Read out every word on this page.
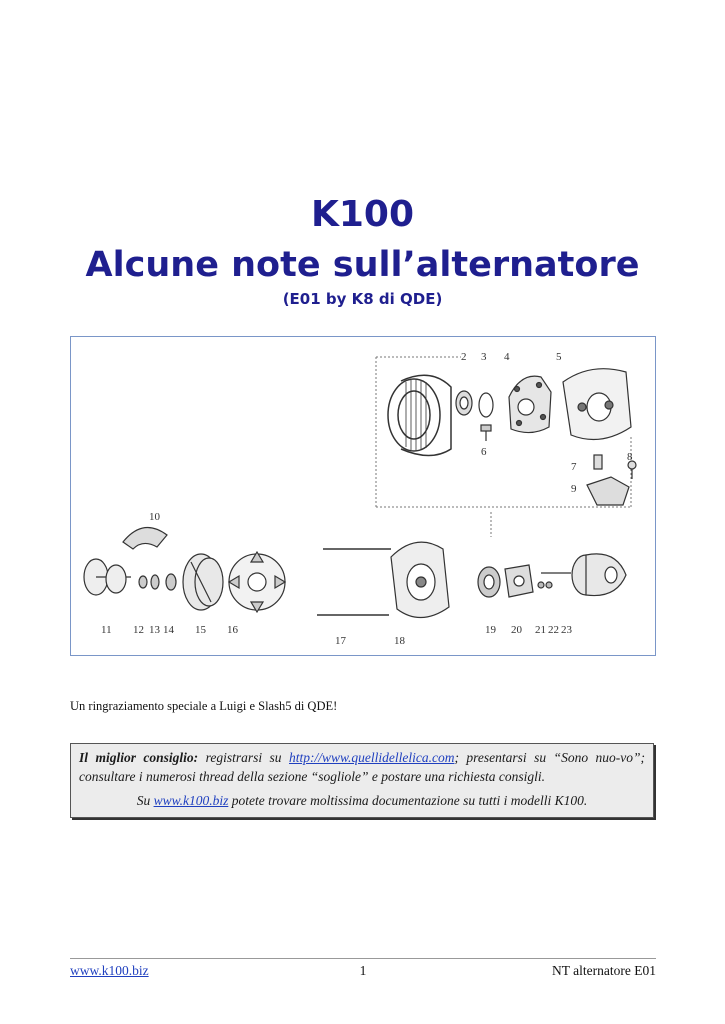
K100
Alcune note sull’alternatore
(E01 by K8 di QDE)
2 3 4	5
6
7
8
9
10
11 12 13 14 15 16
17	18
19 20 21 22 23
Un ringraziamento speciale a Luigi e Slash5 di QDE!

Il miglior consiglio: registrarsi su http://www.quellidellelica.com; presentarsi su “Sono nuo-vo”; consultare i numerosi thread della sezione “sogliole” e postare una richiesta consigli.

Su www.k100.biz potete trovare moltissima documentazione su tutti i modelli K100.

www.k100.biz	1	NT alternatore E01
